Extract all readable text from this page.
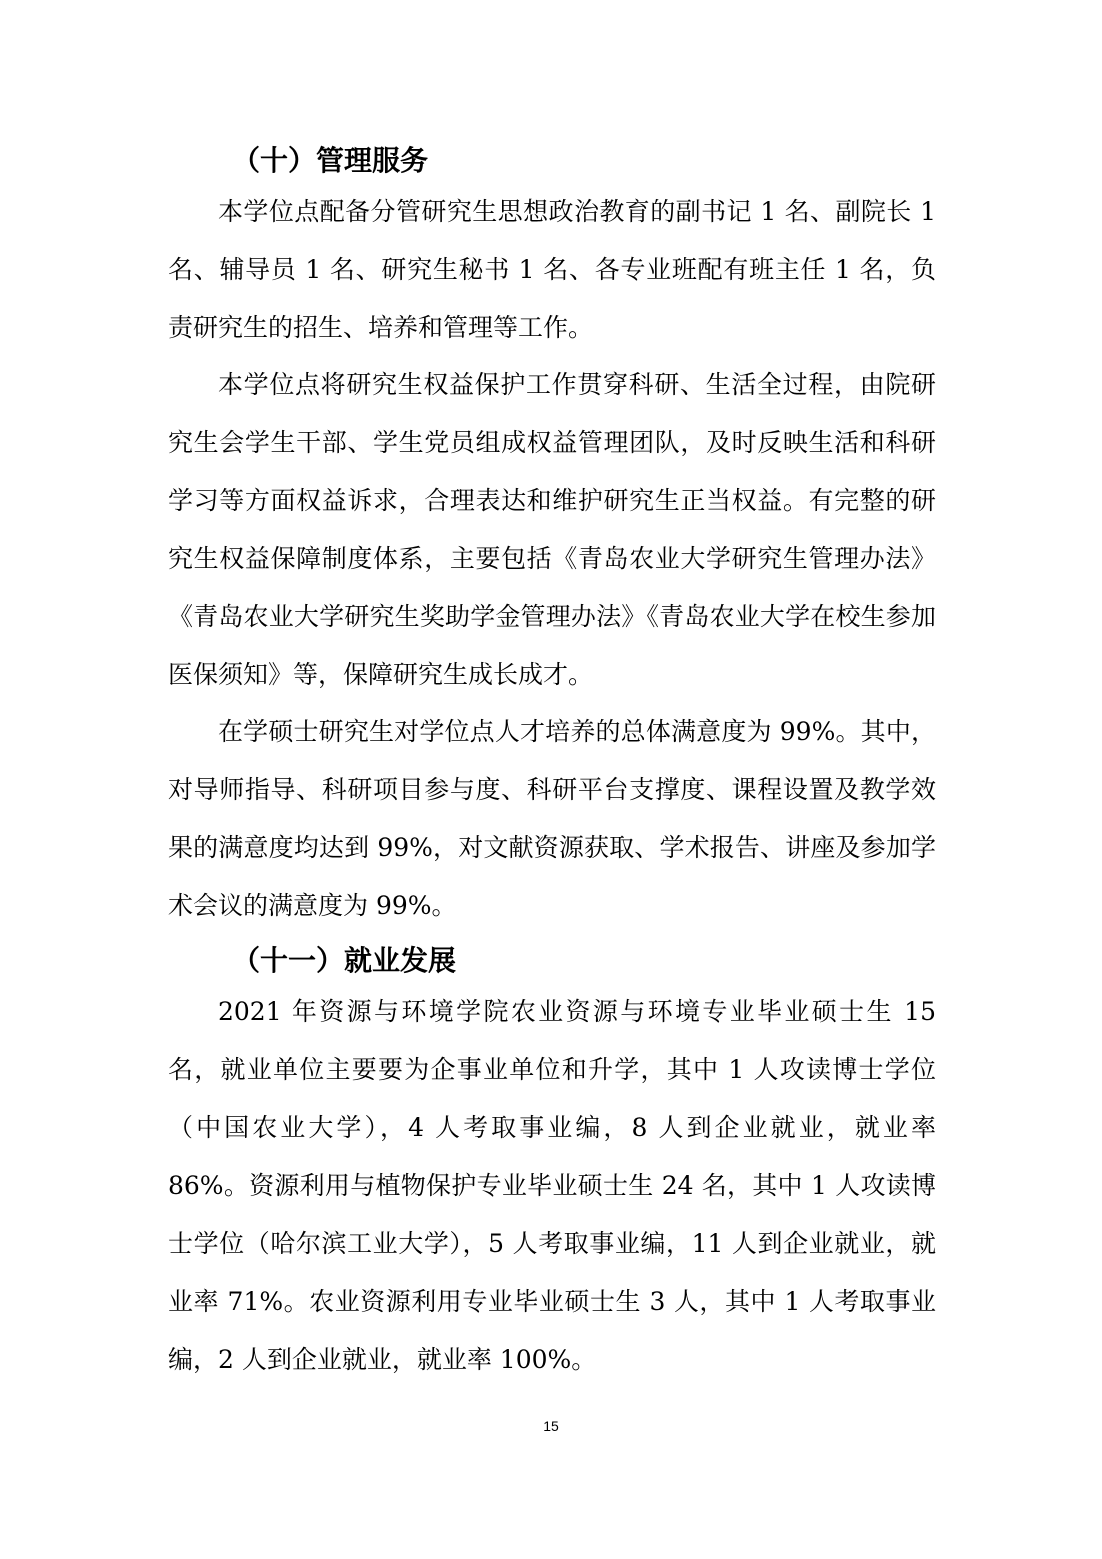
（十）管理服务

本学位点配备分管研究生思想政治教育的副书记 1 名、副院长 1 名、辅导员 1 名、研究生秘书 1 名、各专业班配有班主任 1 名，负责研究生的招生、培养和管理等工作。

本学位点将研究生权益保护工作贯穿科研、生活全过程，由院研究生会学生干部、学生党员组成权益管理团队，及时反映生活和科研学习等方面权益诉求，合理表达和维护研究生正当权益。有完整的研究生权益保障制度体系，主要包括《青岛农业大学研究生管理办法》《青岛农业大学研究生奖助学金管理办法》《青岛农业大学在校生参加医保须知》等，保障研究生成长成才。

在学硕士研究生对学位点人才培养的总体满意度为 99%。其中，对导师指导、科研项目参与度、科研平台支撑度、课程设置及教学效果的满意度均达到 99%，对文献资源获取、学术报告、讲座及参加学术会议的满意度为 99%。

（十一）就业发展

2021 年资源与环境学院农业资源与环境专业毕业硕士生 15 名，就业单位主要要为企事业单位和升学，其中 1 人攻读博士学位（中国农业大学），4 人考取事业编，8 人到企业就业，就业率 86%。资源利用与植物保护专业毕业硕士生 24 名，其中 1 人攻读博士学位（哈尔滨工业大学），5 人考取事业编，11 人到企业就业，就业率 71%。农业资源利用专业毕业硕士生 3 人，其中 1 人考取事业编，2 人到企业就业，就业率 100%。

15
